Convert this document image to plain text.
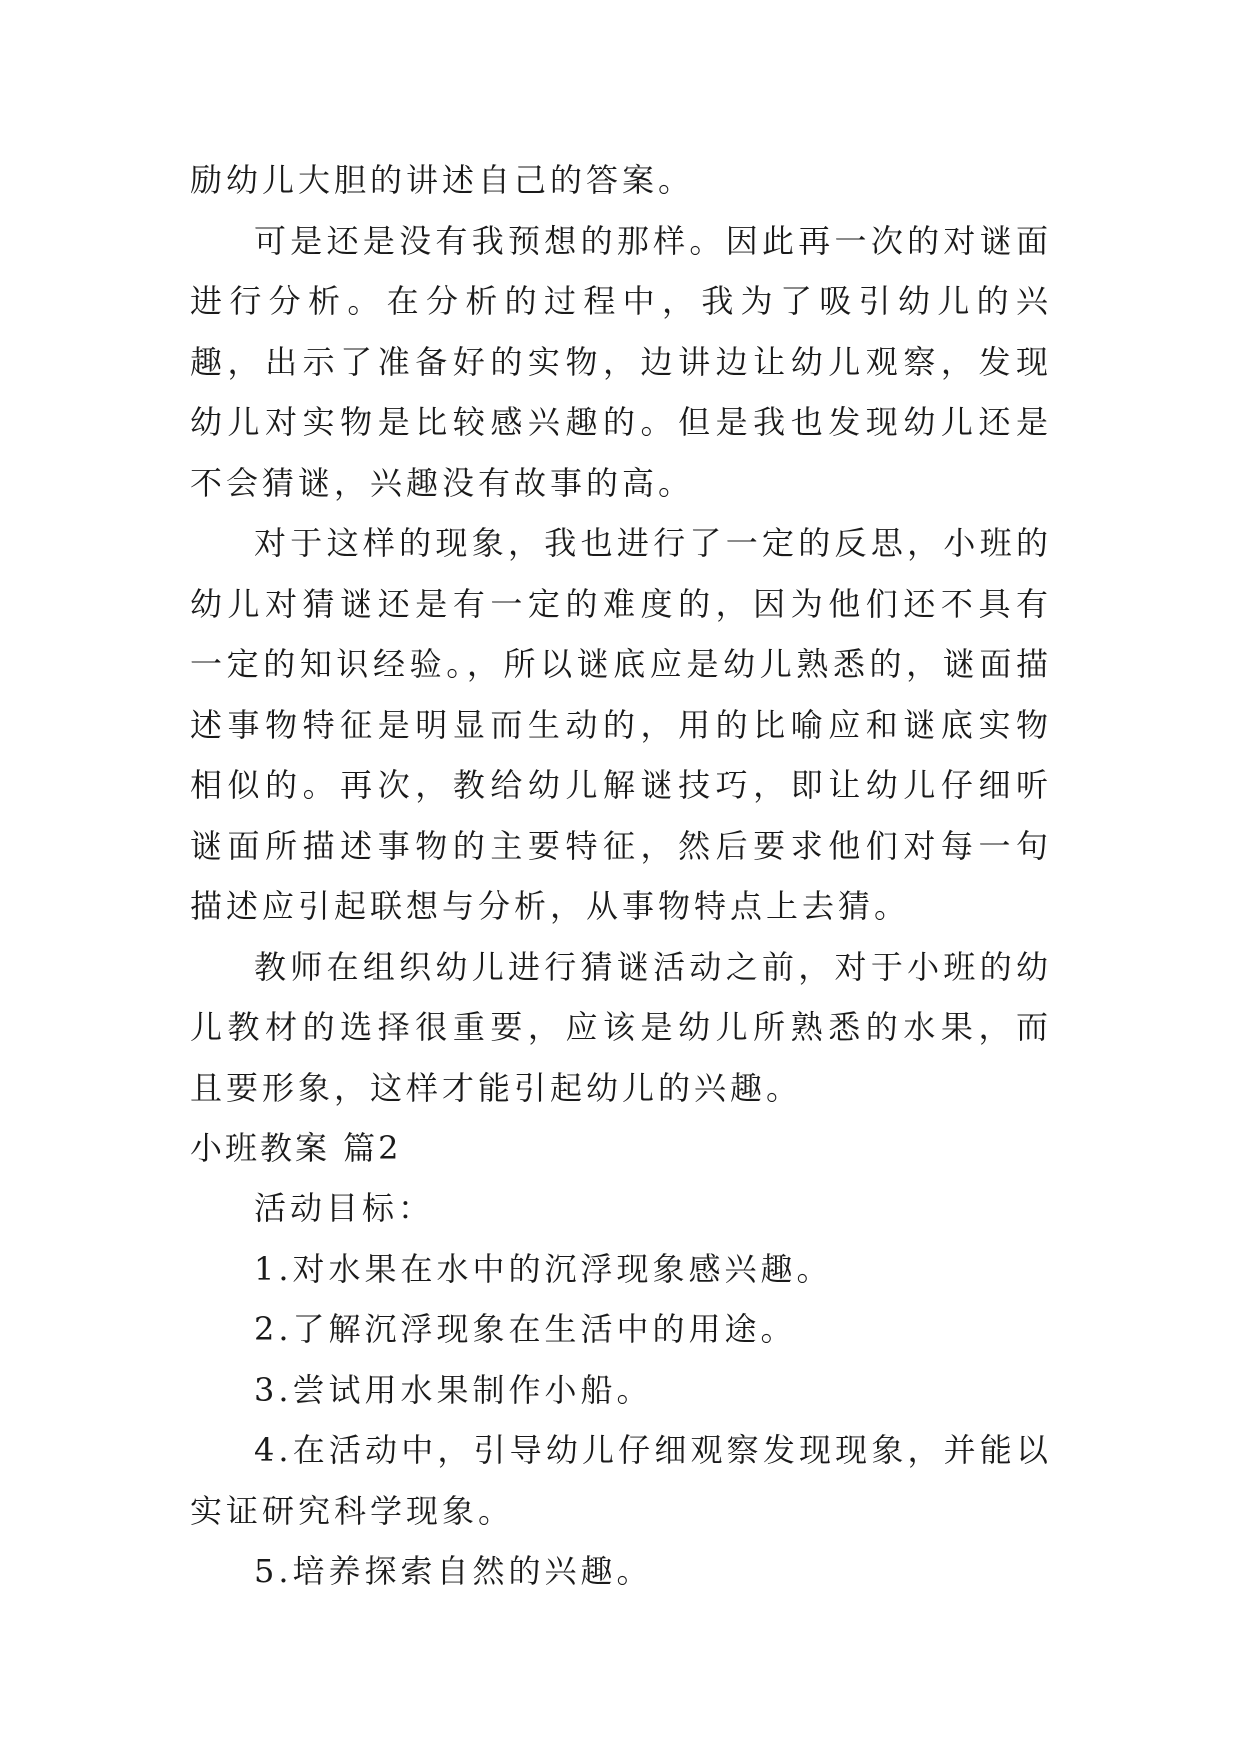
励幼儿大胆的讲述自己的答案。

可是还是没有我预想的那样。因此再一次的对谜面进行分析。在分析的过程中，我为了吸引幼儿的兴趣，出示了准备好的实物，边讲边让幼儿观察，发现幼儿对实物是比较感兴趣的。但是我也发现幼儿还是不会猜谜，兴趣没有故事的高。

对于这样的现象，我也进行了一定的反思，小班的幼儿对猜谜还是有一定的难度的，因为他们还不具有一定的知识经验。，所以谜底应是幼儿熟悉的，谜面描述事物特征是明显而生动的，用的比喻应和谜底实物相似的。再次，教给幼儿解谜技巧，即让幼儿仔细听谜面所描述事物的主要特征，然后要求他们对每一句描述应引起联想与分析，从事物特点上去猜。

教师在组织幼儿进行猜谜活动之前，对于小班的幼儿教材的选择很重要，应该是幼儿所熟悉的水果，而且要形象，这样才能引起幼儿的兴趣。

小班教案 篇2

活动目标：

1.对水果在水中的沉浮现象感兴趣。

2.了解沉浮现象在生活中的用途。

3.尝试用水果制作小船。

4.在活动中，引导幼儿仔细观察发现现象，并能以实证研究科学现象。

5.培养探索自然的兴趣。
